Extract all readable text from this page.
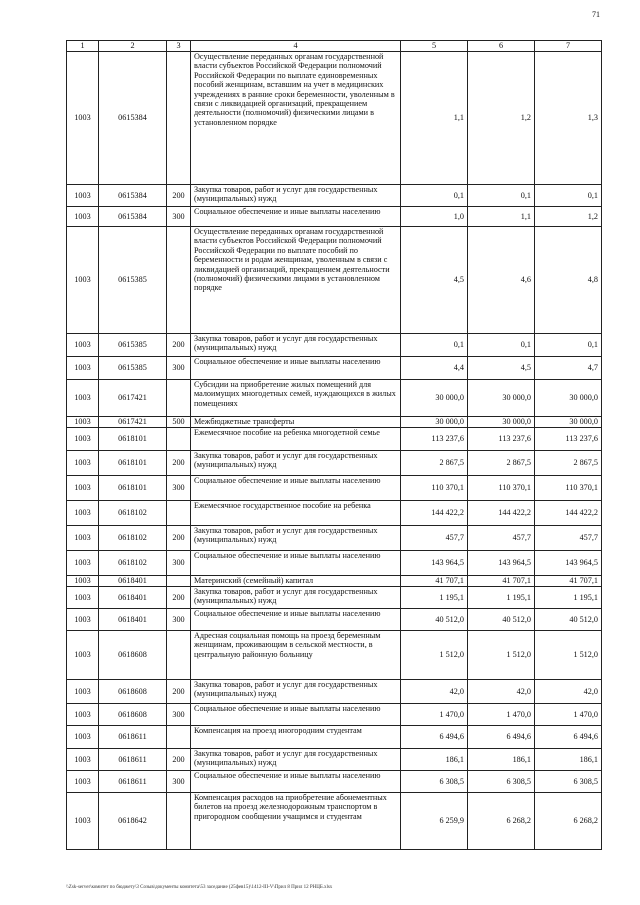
71
1	2	3	4	5	6	7
1003	0615384		Осуществление переданных органам государственной власти субъектов Российской Федерации полномочий Российской Федерации по выплате единовременных пособий женщинам, вставшим на учет в медицинских учреждениях в ранние сроки беременности, уволенным в связи с ликвидацией организаций, прекращением деятельности (полномочий) физическими лицами в установленном порядке	1,1	1,2	1,3
1003	0615384	200	Закупка товаров, работ и услуг для государственных (муниципальных) нужд	0,1	0,1	0,1
1003	0615384	300	Социальное обеспечение и иные выплаты населению	1,0	1,1	1,2
1003	0615385		Осуществление переданных органам государственной власти субъектов Российской Федерации полномочий Российской Федерации по выплате пособий по беременности и родам женщинам, уволенным в связи с ликвидацией организаций, прекращением деятельности (полномочий) физическими лицами в установленном порядке	4,5	4,6	4,8
1003	0615385	200	Закупка товаров, работ и услуг для государственных (муниципальных) нужд	0,1	0,1	0,1
1003	0615385	300	Социальное обеспечение и иные выплаты населению	4,4	4,5	4,7
1003	0617421		Субсидии на приобретение жилых помещений для малоимущих многодетных семей, нуждающихся в жилых помещениях	30 000,0	30 000,0	30 000,0
1003	0617421	500	Межбюджетные трансферты	30 000,0	30 000,0	30 000,0
1003	0618101		Ежемесячное пособие на ребенка многодетной семье	113 237,6	113 237,6	113 237,6
1003	0618101	200	Закупка товаров, работ и услуг для государственных (муниципальных) нужд	2 867,5	2 867,5	2 867,5
1003	0618101	300	Социальное обеспечение и иные выплаты населению	110 370,1	110 370,1	110 370,1
1003	0618102		Ежемесячное государственное пособие на ребенка	144 422,2	144 422,2	144 422,2
1003	0618102	200	Закупка товаров, работ и услуг для государственных (муниципальных) нужд	457,7	457,7	457,7
1003	0618102	300	Социальное обеспечение и иные выплаты населению	143 964,5	143 964,5	143 964,5
1003	0618401		Материнский (семейный) капитал	41 707,1	41 707,1	41 707,1
1003	0618401	200	Закупка товаров, работ и услуг для государственных (муниципальных) нужд	1 195,1	1 195,1	1 195,1
1003	0618401	300	Социальное обеспечение и иные выплаты населению	40 512,0	40 512,0	40 512,0
1003	0618608		Адресная социальная помощь на проезд беременным женщинам, проживающим в сельской местности, в центральную районную больницу	1 512,0	1 512,0	1 512,0
1003	0618608	200	Закупка товаров, работ и услуг для государственных (муниципальных) нужд	42,0	42,0	42,0
1003	0618608	300	Социальное обеспечение и иные выплаты населению	1 470,0	1 470,0	1 470,0
1003	0618611		Компенсация на проезд иногородним студентам	6 494,6	6 494,6	6 494,6
1003	0618611	200	Закупка товаров, работ и услуг для государственных (муниципальных) нужд	186,1	186,1	186,1
1003	0618611	300	Социальное обеспечение и иные выплаты населению	6 308,5	6 308,5	6 308,5
1003	0618642		Компенсация расходов на приобретение абонементных билетов на проезд железнодорожным транспортом в пригородном сообщении учащимся и студентам	6 259,9	6 268,2	6 268,2
\\Zsk-server\комитет по бюджету\3 Созыв\документы комитета\53 заседание (25фев15)\1412-III-V\Прил 8 Прил 12 РНЦБ.xlsx
